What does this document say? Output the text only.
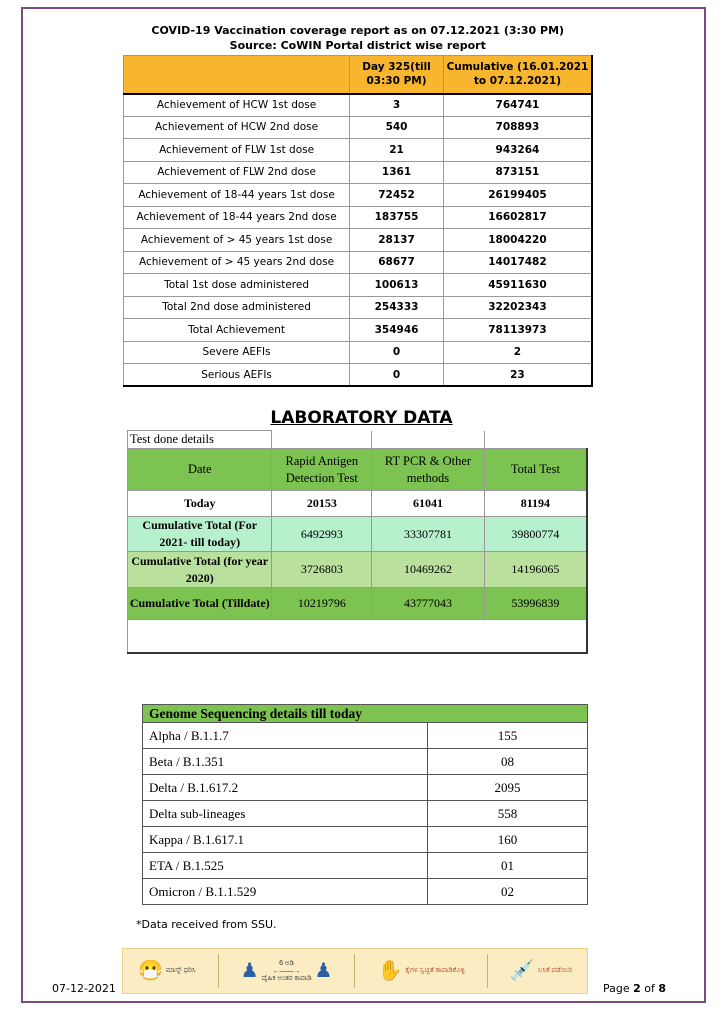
COVID-19 Vaccination coverage report as on 07.12.2021 (3:30 PM)
Source: CoWIN Portal district wise report		

	Day 325(till 03:30 PM)	Cumulative (16.01.2021 to 07.12.2021)
Achievement of HCW 1st dose	3	764741
Achievement of HCW 2nd dose	540	708893
Achievement of FLW 1st dose	21	943264
Achievement of FLW 2nd dose	1361	873151
Achievement of 18-44 years 1st dose	72452	26199405
Achievement of 18-44 years 2nd dose	183755	16602817
Achievement of > 45 years 1st dose	28137	18004220
Achievement of > 45 years 2nd dose	68677	14017482
Total 1st dose administered	100613	45911630
Total 2nd dose administered	254333	32202343
Total Achievement	354946	78113973
Severe AEFIs	0	2
Serious AEFIs	0	23
LABORATORY DATA
Test done details			
Date	Rapid Antigen Detection Test	RT PCR & Other methods	Total Test
Today	20153	61041	81194
Cumulative Total (For 2021- till today)	6492993	33307781	39800774
Cumulative Total (for year 2020)	3726803	10469262	14196065
Cumulative Total (Tilldate)	10219796	43777043	53996839

Genome Sequencing details till today	
Alpha / B.1.1.7	155
Beta / B.1.351	08
Delta / B.1.617.2	2095
Delta sub-lineages	558
Kappa / B.1.617.1	160
ETA / B.1.525	01
Omicron / B.1.1.529	02
*Data received from SSU.
😷 ಮಾಸ್ಕ್ ಧರಿಸಿ ♟	6 ಅಡಿ
←——→
ದೈಹಿಕ ಅಂತರ ಕಾಪಾಡಿ ♟ ✋ ಕೈಗಳ ಸ್ವಚ್ಛತೆ ಕಾಪಾಡಿಕೊಳ್ಳಿ 💉 ಲಸಿಕೆ ಪಡೆಯಿರಿ
07-12-2021	Page 2 of 8
